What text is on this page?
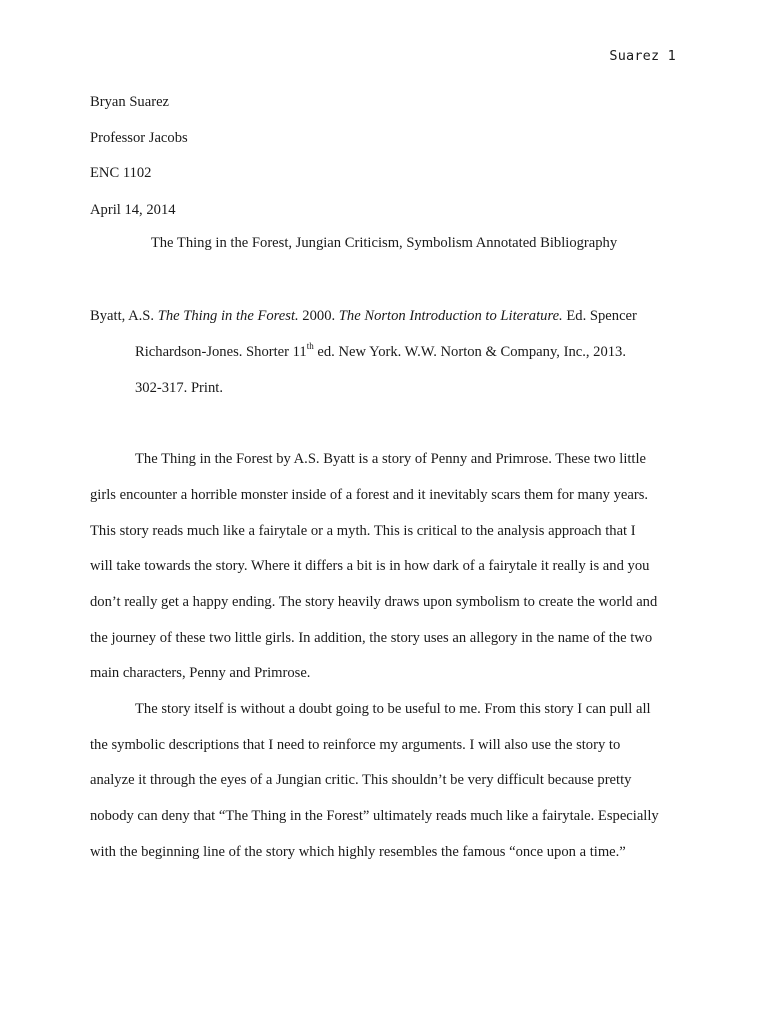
Suarez 1
Bryan Suarez
Professor Jacobs
ENC 1102
April 14, 2014
The Thing in the Forest, Jungian Criticism, Symbolism Annotated Bibliography
Byatt, A.S. The Thing in the Forest. 2000. The Norton Introduction to Literature. Ed. Spencer
Richardson-Jones. Shorter 11th ed. New York. W.W. Norton & Company, Inc., 2013.
302-317. Print.
The Thing in the Forest by A.S. Byatt is a story of Penny and Primrose. These two little
girls encounter a horrible monster inside of a forest and it inevitably scars them for many years.
This story reads much like a fairytale or a myth. This is critical to the analysis approach that I
will take towards the story. Where it differs a bit is in how dark of a fairytale it really is and you
don’t really get a happy ending. The story heavily draws upon symbolism to create the world and
the journey of these two little girls. In addition, the story uses an allegory in the name of the two
main characters, Penny and Primrose.
The story itself is without a doubt going to be useful to me. From this story I can pull all
the symbolic descriptions that I need to reinforce my arguments. I will also use the story to
analyze it through the eyes of a Jungian critic. This shouldn’t be very difficult because pretty
nobody can deny that “The Thing in the Forest” ultimately reads much like a fairytale. Especially
with the beginning line of the story which highly resembles the famous “once upon a time.”
